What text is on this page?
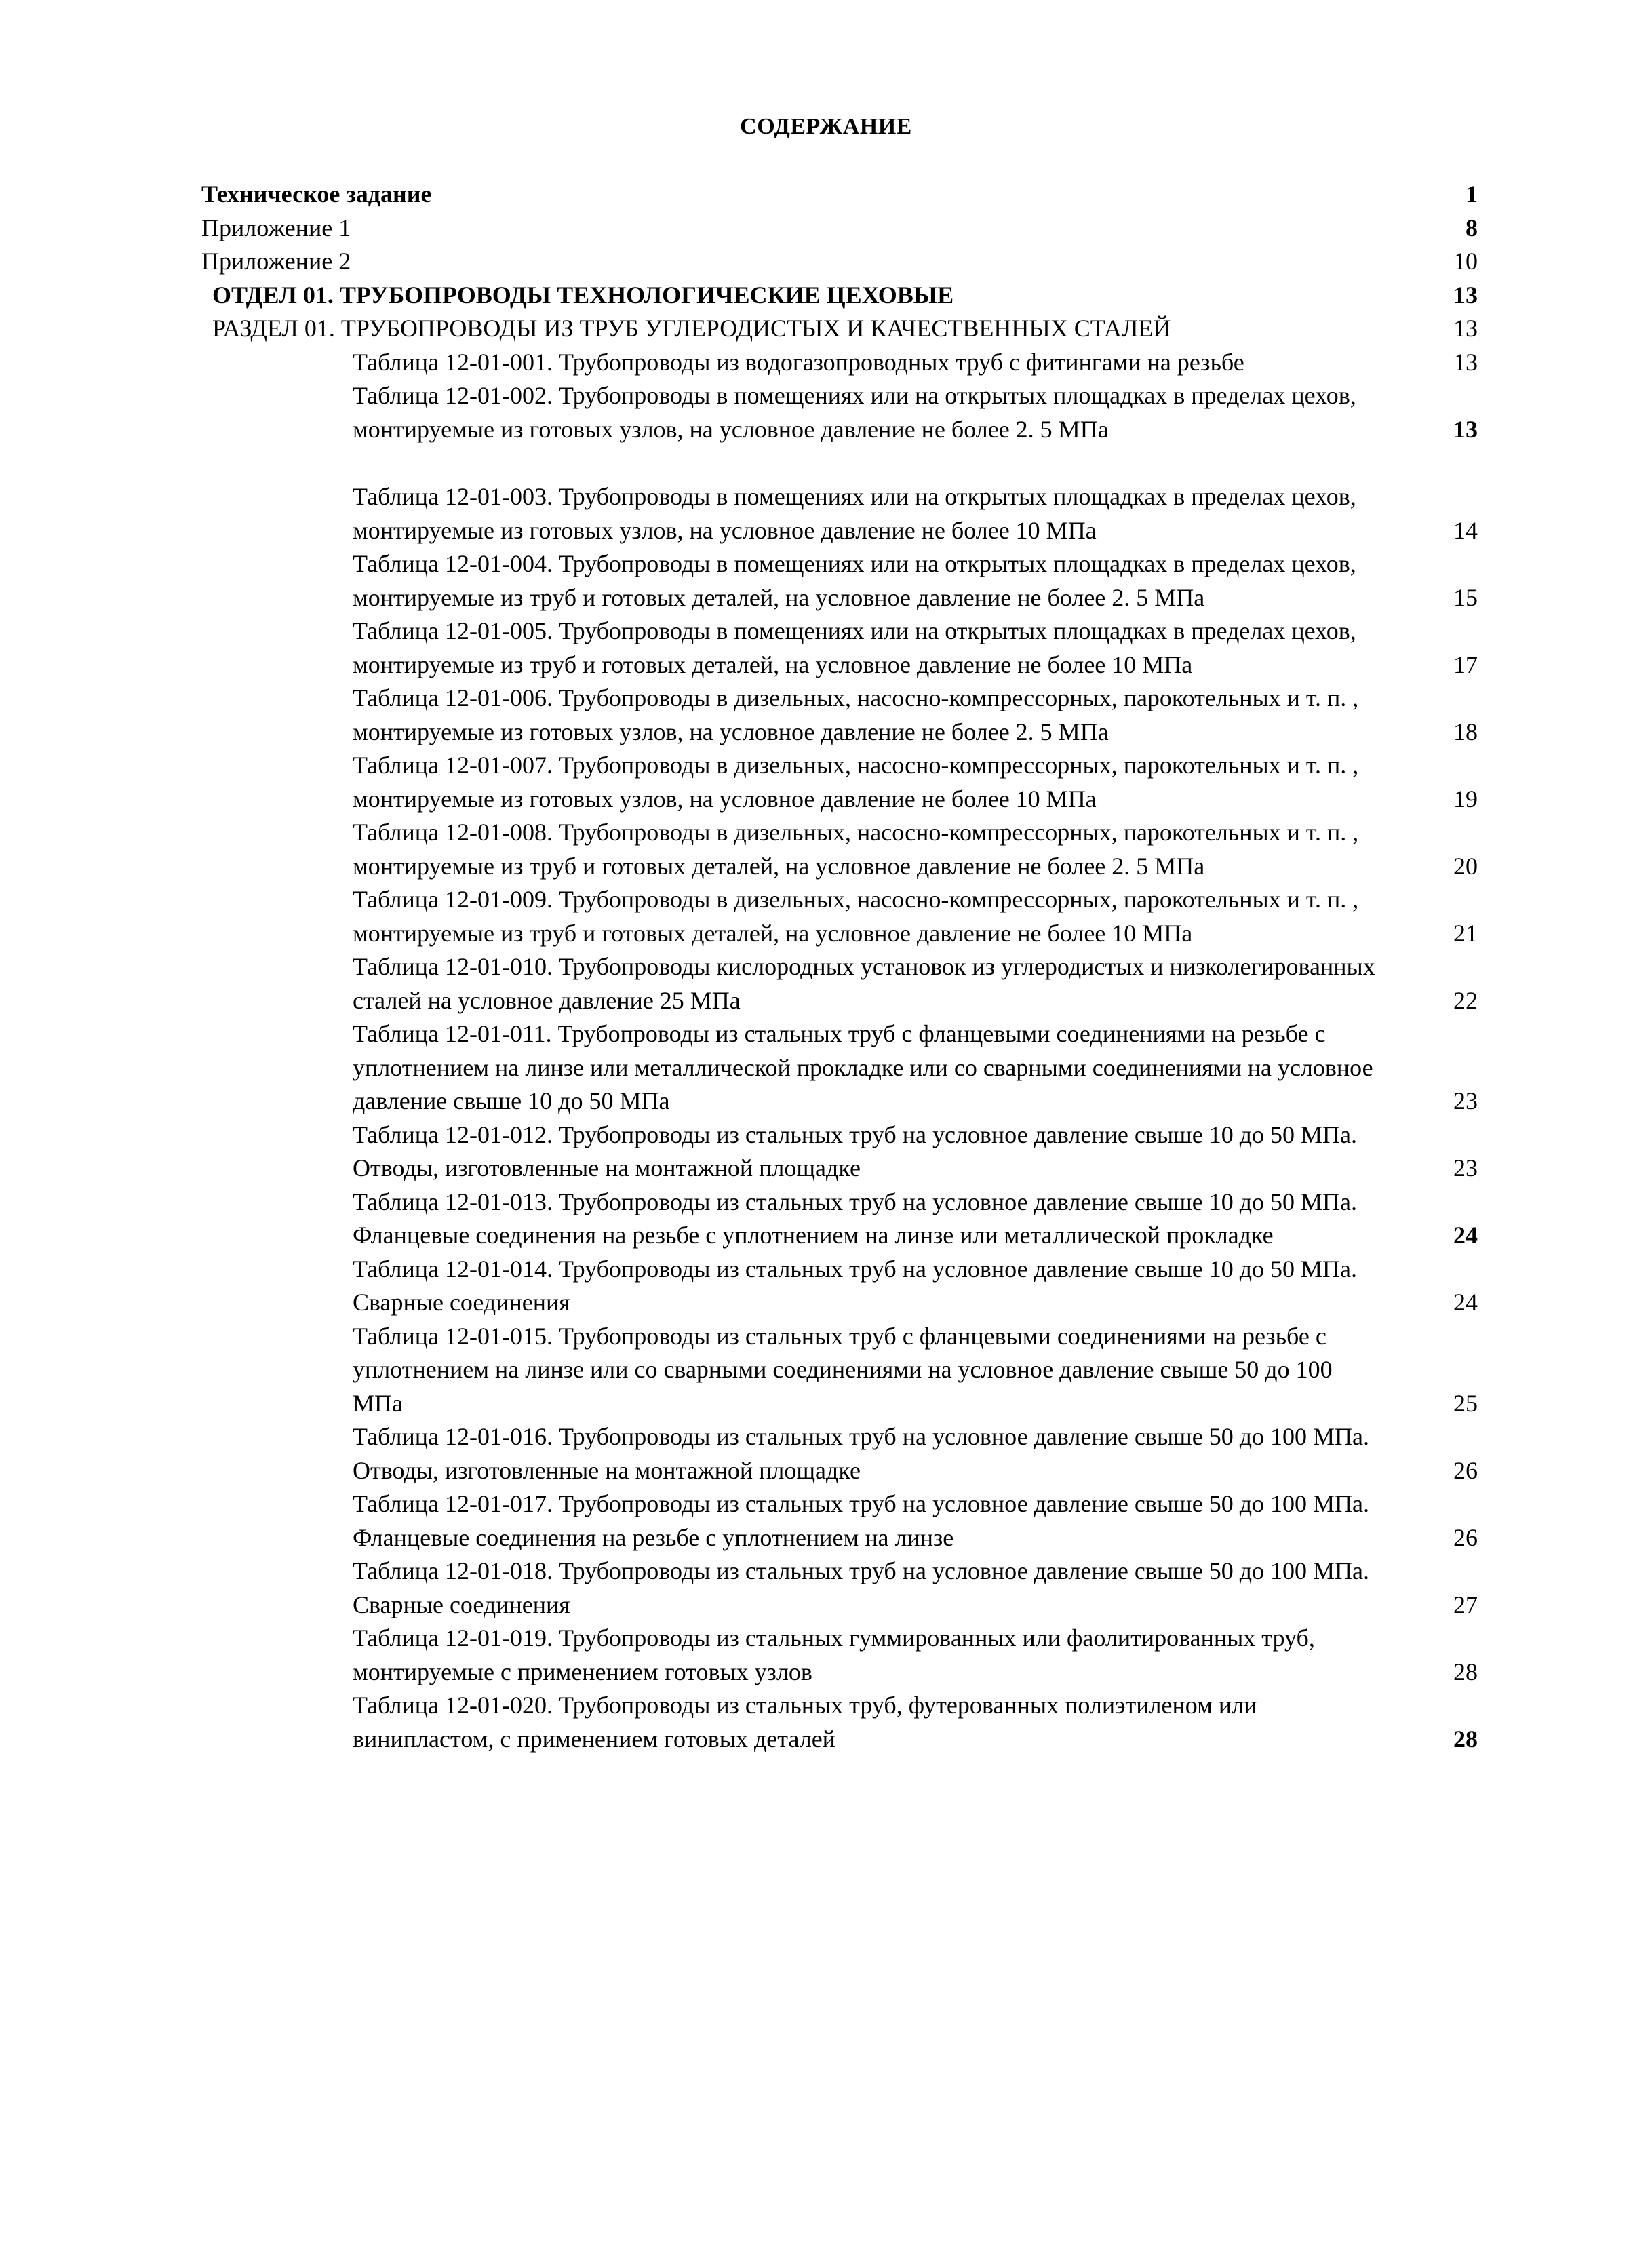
СОДЕРЖАНИЕ
Техническое задание	1
Приложение 1	8
Приложение 2	10
ОТДЕЛ 01. ТРУБОПРОВОДЫ ТЕХНОЛОГИЧЕСКИЕ ЦЕХОВЫЕ	13
РАЗДЕЛ 01. ТРУБОПРОВОДЫ ИЗ ТРУБ УГЛЕРОДИСТЫХ И КАЧЕСТВЕННЫХ СТАЛЕЙ	13
Таблица 12-01-001. Трубопроводы из водогазопроводных труб с фитингами на резьбе	13
Таблица 12-01-002. Трубопроводы в помещениях или на открытых площадках в пределах цехов, монтируемые из готовых узлов, на условное давление не более 2. 5 МПа	13
Таблица 12-01-003. Трубопроводы в помещениях или на открытых площадках в пределах цехов, монтируемые из готовых узлов, на условное давление не более 10 МПа	14
Таблица 12-01-004. Трубопроводы в помещениях или на открытых площадках в пределах цехов, монтируемые из труб и готовых деталей, на условное давление не более 2. 5 МПа	15
Таблица 12-01-005. Трубопроводы в помещениях или на открытых площадках в пределах цехов, монтируемые из труб и готовых деталей, на условное давление не более 10 МПа	17
Таблица 12-01-006. Трубопроводы в дизельных, насосно-компрессорных, парокотельных и т. п. , монтируемые из готовых узлов, на условное давление не более 2. 5 МПа	18
Таблица 12-01-007. Трубопроводы в дизельных, насосно-компрессорных, парокотельных и т. п. , монтируемые из готовых узлов, на условное давление не более 10 МПа	19
Таблица 12-01-008. Трубопроводы в дизельных, насосно-компрессорных, парокотельных и т. п. , монтируемые из труб и готовых деталей, на условное давление не более 2. 5 МПа	20
Таблица 12-01-009. Трубопроводы в дизельных, насосно-компрессорных, парокотельных и т. п. , монтируемые из труб и готовых деталей, на условное давление не более 10 МПа	21
Таблица 12-01-010. Трубопроводы кислородных установок из углеродистых и низколегированных сталей на условное давление 25 МПа	22
Таблица 12-01-011. Трубопроводы из стальных труб с фланцевыми соединениями на резьбе с уплотнением на линзе или металлической прокладке или со сварными соединениями на условное давление свыше 10 до 50 МПа	23
Таблица 12-01-012. Трубопроводы из стальных труб на условное давление свыше 10 до 50 МПа. Отводы, изготовленные на монтажной площадке	23
Таблица 12-01-013. Трубопроводы из стальных труб на условное давление свыше 10 до 50 МПа. Фланцевые соединения на резьбе с уплотнением на линзе или металлической прокладке	24
Таблица 12-01-014. Трубопроводы из стальных труб на условное давление свыше 10 до 50 МПа. Сварные соединения	24
Таблица 12-01-015. Трубопроводы из стальных труб с фланцевыми соединениями на резьбе с уплотнением на линзе или со сварными соединениями на условное давление свыше 50 до 100 МПа	25
Таблица 12-01-016. Трубопроводы из стальных труб на условное давление свыше 50 до 100 МПа. Отводы, изготовленные на монтажной площадке	26
Таблица 12-01-017. Трубопроводы из стальных труб на условное давление свыше 50 до 100 МПа. Фланцевые соединения на резьбе с уплотнением на линзе	26
Таблица 12-01-018. Трубопроводы из стальных труб на условное давление свыше 50 до 100 МПа. Сварные соединения	27
Таблица 12-01-019. Трубопроводы из стальных гуммированных или фаолитированных труб, монтируемые с применением готовых узлов	28
Таблица 12-01-020. Трубопроводы из стальных труб, футерованных полиэтиленом или винипластом, с применением готовых деталей	28
